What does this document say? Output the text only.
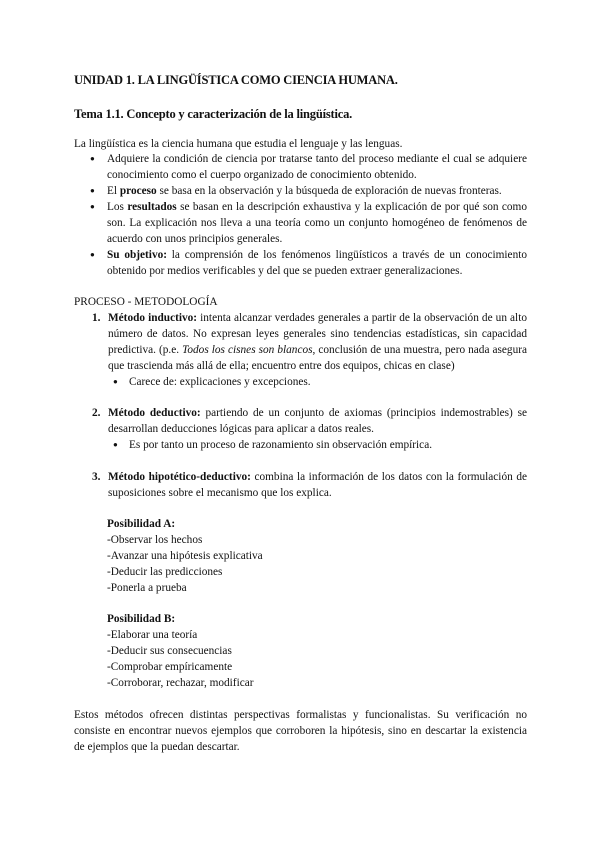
UNIDAD 1. LA LINGÜÍSTICA COMO CIENCIA HUMANA.

Tema 1.1. Concepto y caracterización de la lingüística.

La lingüística es la ciencia humana que estudia el lenguaje y las lenguas.

● Adquiere la condición de ciencia por tratarse tanto del proceso mediante el cual se adquiere conocimiento como el cuerpo organizado de conocimiento obtenido.
● El proceso se basa en la observación y la búsqueda de exploración de nuevas fronteras.
● Los resultados se basan en la descripción exhaustiva y la explicación de por qué son como son. La explicación nos lleva a una teoría como un conjunto homogéneo de fenómenos de acuerdo con unos principios generales.
● Su objetivo: la comprensión de los fenómenos lingüísticos a través de un conocimiento obtenido por medios verificables y del que se pueden extraer generalizaciones.

PROCESO - METODOLOGÍA

1. Método inductivo: intenta alcanzar verdades generales a partir de la observación de un alto número de datos. No expresan leyes generales sino tendencias estadísticas, sin capacidad predictiva. (p.e. Todos los cisnes son blancos, conclusión de una muestra, pero nada asegura que trascienda más allá de ella; encuentro entre dos equipos, chicas en clase)
● Carece de: explicaciones y excepciones.
2. Método deductivo: partiendo de un conjunto de axiomas (principios indemostrables) se desarrollan deducciones lógicas para aplicar a datos reales.
● Es por tanto un proceso de razonamiento sin observación empírica.
3. Método hipotético-deductivo: combina la información de los datos con la formulación de suposiciones sobre el mecanismo que los explica.
Posibilidad A:
-Observar los hechos
-Avanzar una hipótesis explicativa
-Deducir las predicciones
-Ponerla a prueba
Posibilidad B:
-Elaborar una teoría
-Deducir sus consecuencias
-Comprobar empíricamente
-Corroborar, rechazar, modificar

Estos métodos ofrecen distintas perspectivas formalistas y funcionalistas. Su verificación no consiste en encontrar nuevos ejemplos que corroboren la hipótesis, sino en descartar la existencia de ejemplos que la puedan descartar.
